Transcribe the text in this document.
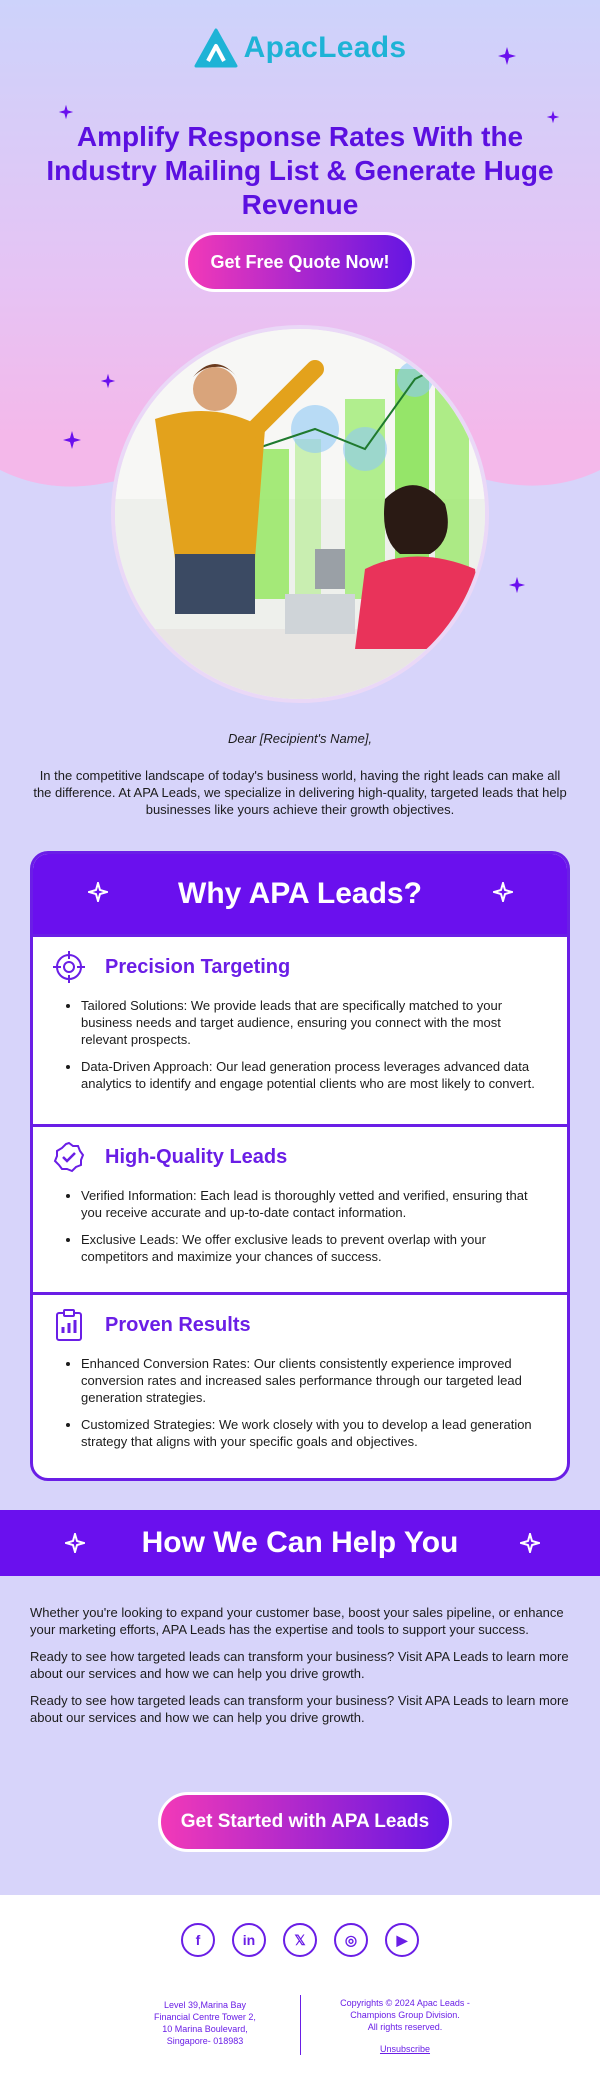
ApacLeads
Amplify Response Rates With the Industry Mailing List & Generate Huge Revenue
Get Free Quote Now!

Dear [Recipient's Name],

In the competitive landscape of today's business world, having the right leads can make all the difference. At APA Leads, we specialize in delivering high-quality, targeted leads that help businesses like yours achieve their growth objectives.

Why APA Leads?
Precision Targeting
• Tailored Solutions: We provide leads that are specifically matched to your business needs and target audience, ensuring you connect with the most relevant prospects.
• Data-Driven Approach: Our lead generation process leverages advanced data analytics to identify and engage potential clients who are most likely to convert.
High-Quality Leads
• Verified Information: Each lead is thoroughly vetted and verified, ensuring that you receive accurate and up-to-date contact information.
• Exclusive Leads: We offer exclusive leads to prevent overlap with your competitors and maximize your chances of success.
Proven Results
• Enhanced Conversion Rates: Our clients consistently experience improved conversion rates and increased sales performance through our targeted lead generation strategies.
• Customized Strategies: We work closely with you to develop a lead generation strategy that aligns with your specific goals and objectives.
How We Can Help You

Whether you're looking to expand your customer base, boost your sales pipeline, or enhance your marketing efforts, APA Leads has the expertise and tools to support your success.

Ready to see how targeted leads can transform your business? Visit APA Leads to learn more about our services and how we can help you drive growth.

Ready to see how targeted leads can transform your business? Visit APA Leads to learn more about our services and how we can help you drive growth.

Get Started with APA Leads
f	in	𝕏	◎	▶
Level 39,Marina Bay
Financial Centre Tower 2,
10 Marina Boulevard,
Singapore- 018983
Copyrights © 2024 Apac Leads -
Champions Group Division.
All rights reserved.
Unsubscribe
